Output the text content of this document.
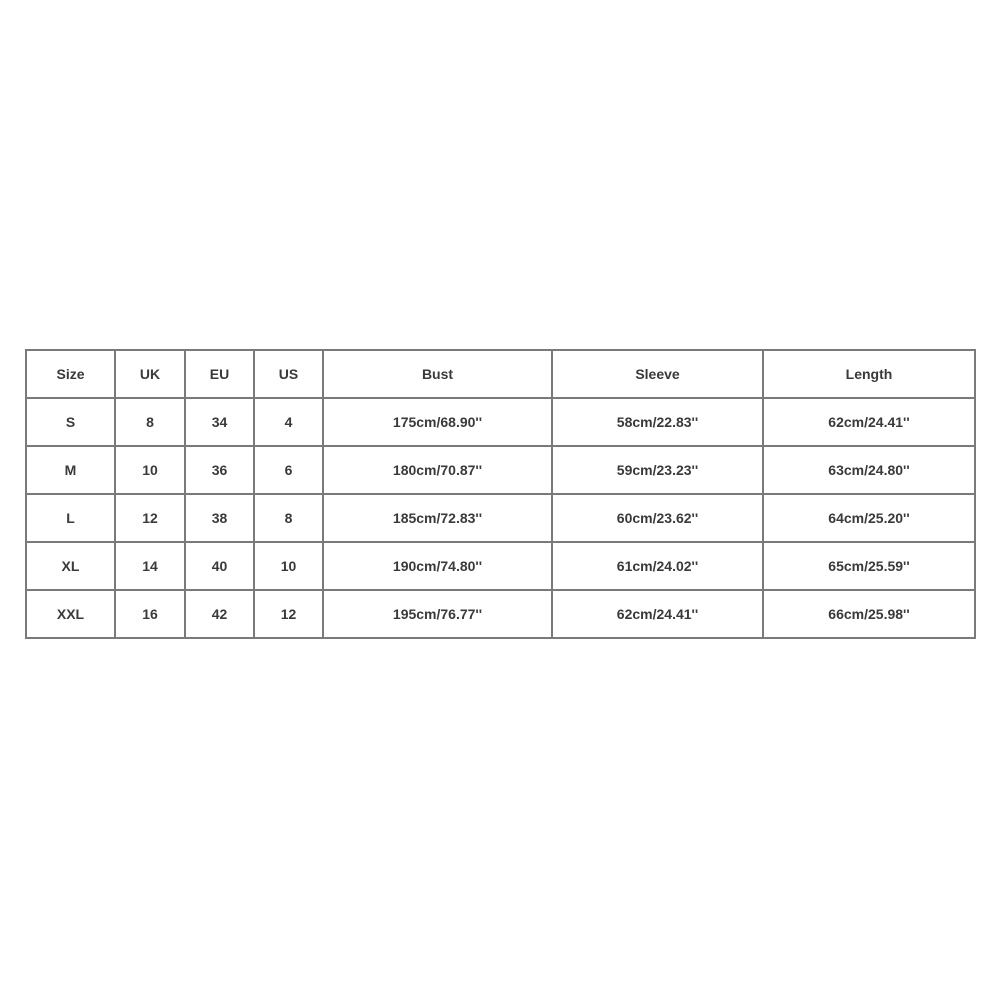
Size	UK	EU	US	Bust	Sleeve	Length
S	8	34	4	175cm/68.90''	58cm/22.83''	62cm/24.41''
M	10	36	6	180cm/70.87''	59cm/23.23''	63cm/24.80''
L	12	38	8	185cm/72.83''	60cm/23.62''	64cm/25.20''
XL	14	40	10	190cm/74.80''	61cm/24.02''	65cm/25.59''
XXL	16	42	12	195cm/76.77''	62cm/24.41''	66cm/25.98''
